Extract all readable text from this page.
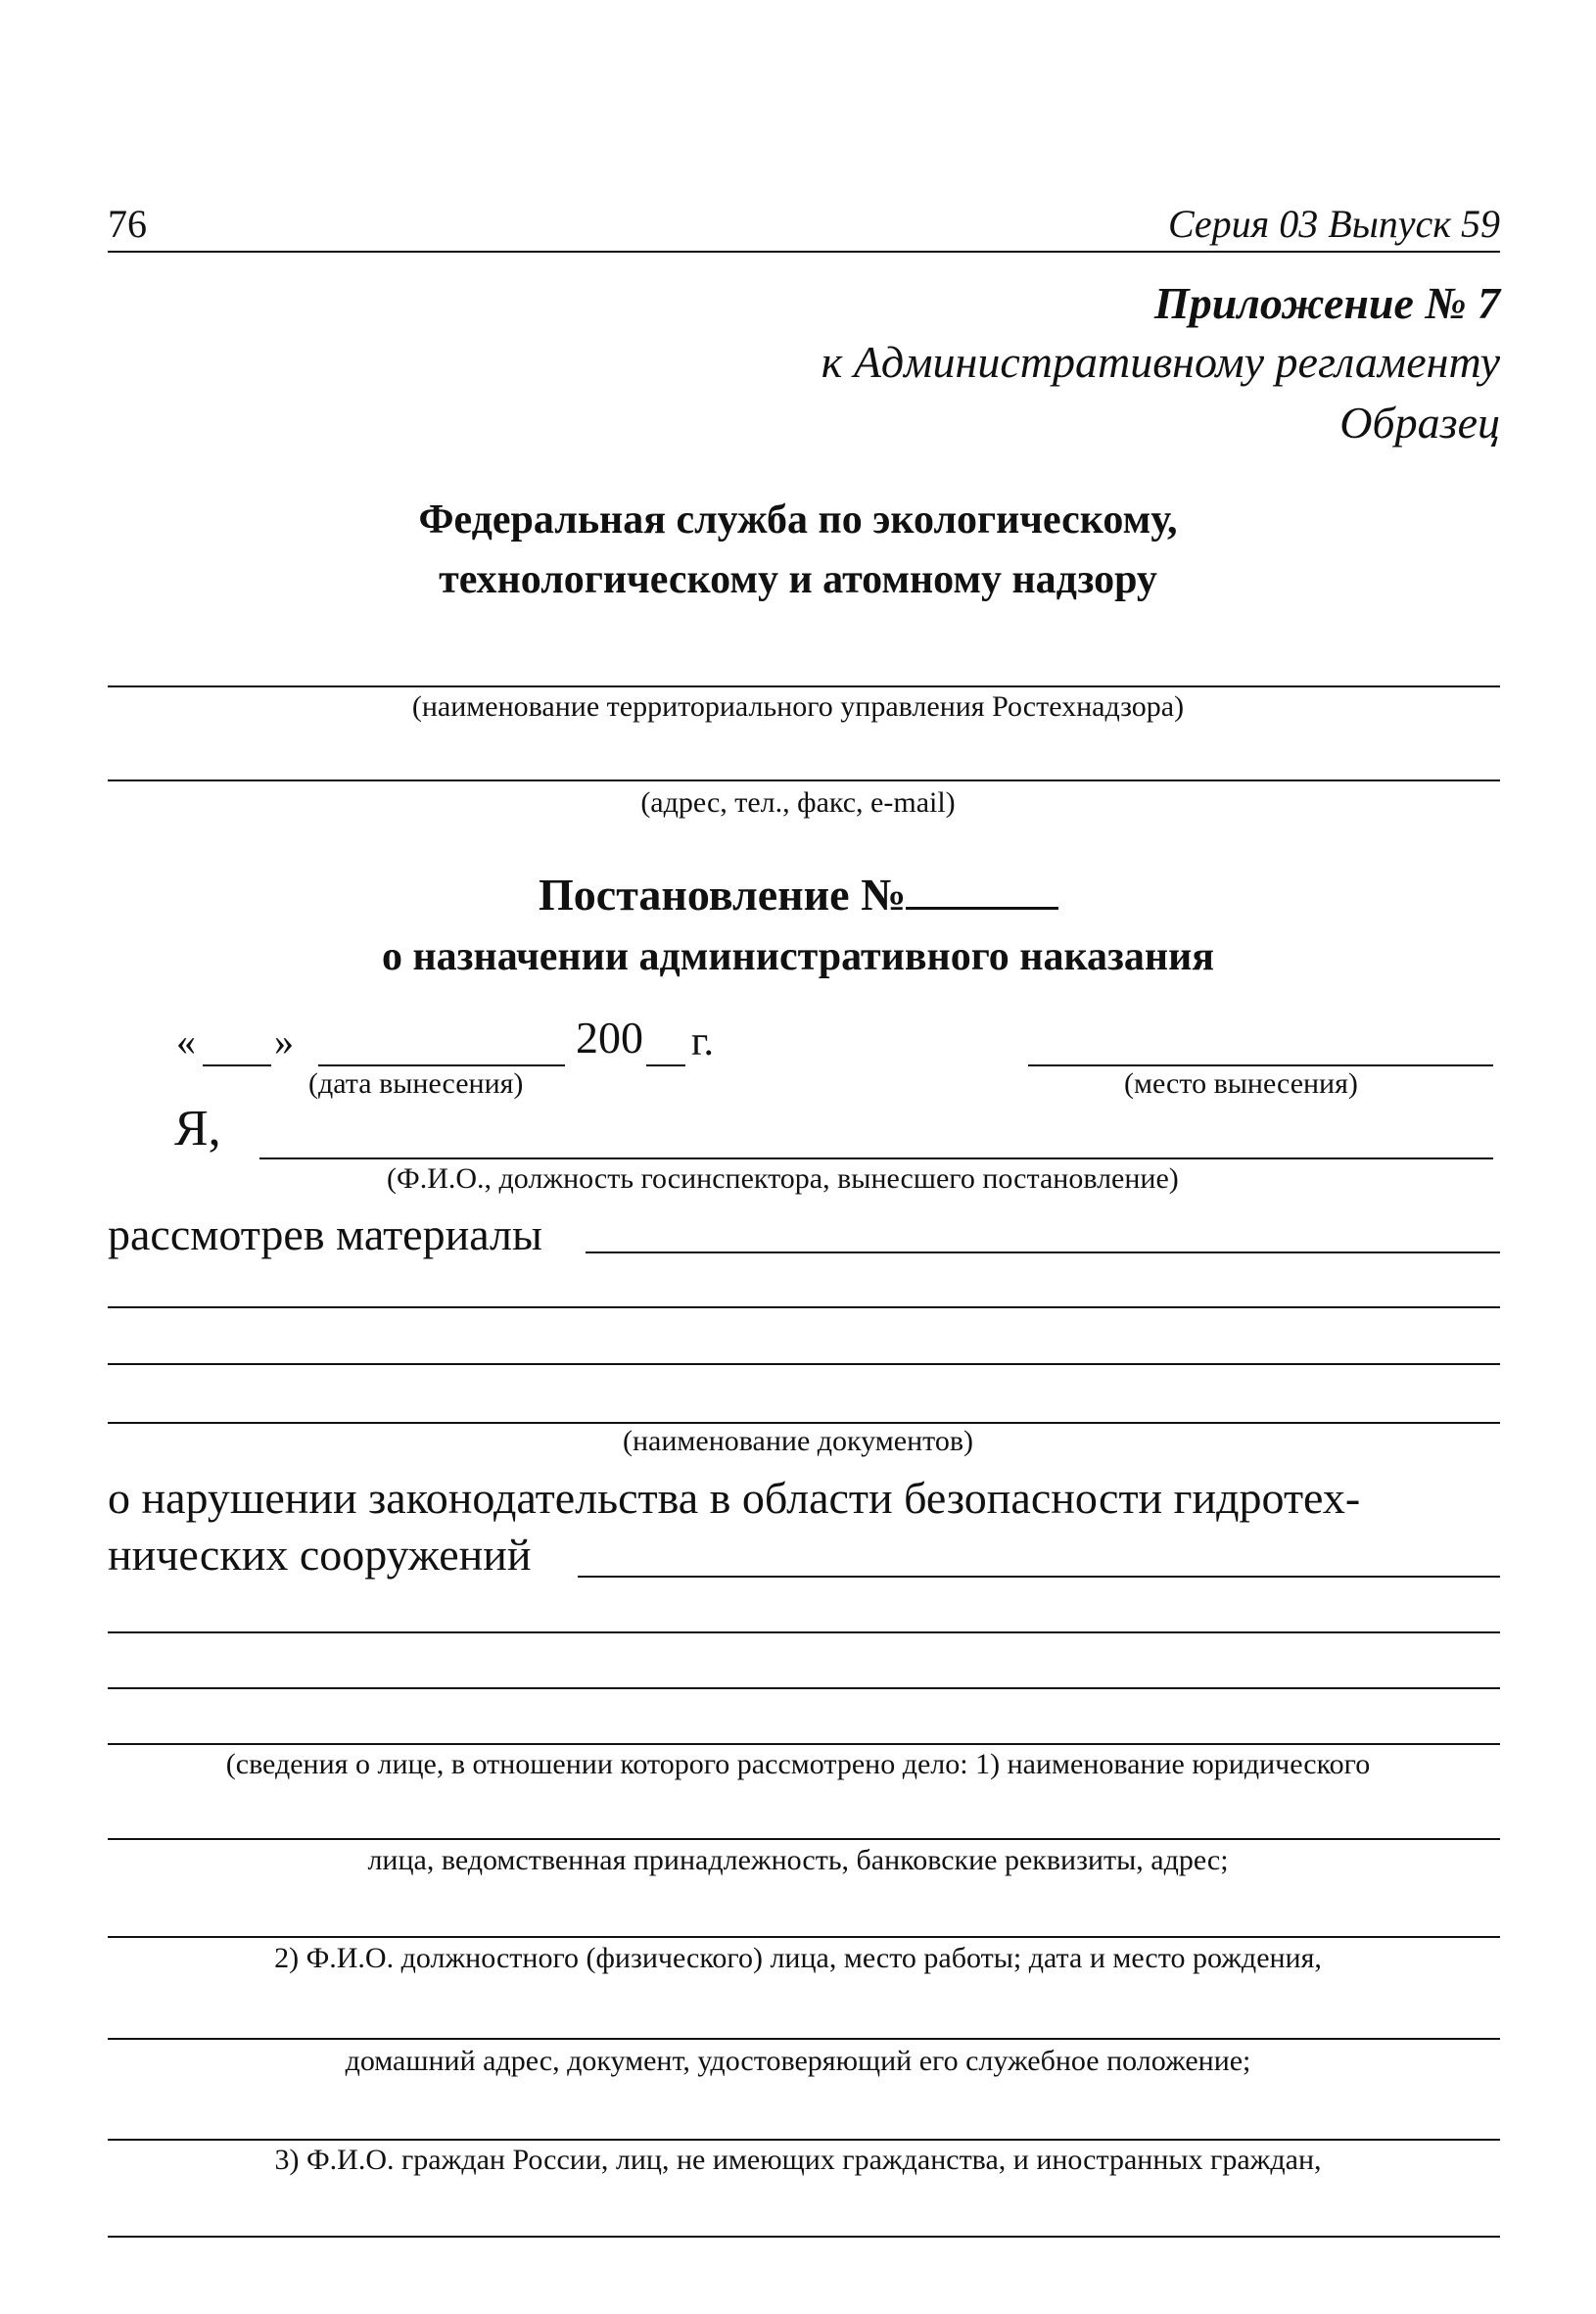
76	Серия 03 Выпуск 59
Приложение № 7
к Административному регламенту
Образец
Федеральная служба по экологическому,
технологическому и атомному надзору
(наименование территориального управления Ростехнадзора)
(адрес, тел., факс, e-mail)
Постановление №
о назначении административного наказания
« »	200 г.
(дата вынесения)	(место вынесения)
Я,
(Ф.И.О., должность госинспектора, вынесшего постановление)
рассмотрев материалы
(наименование документов)
о нарушении законодательства в области безопасности гидротех-
нических сооружений
(сведения о лице, в отношении которого рассмотрено дело: 1) наименование юридического
лица, ведомственная принадлежность, банковские реквизиты, адрес;
2) Ф.И.О. должностного (физического) лица, место работы; дата и место рождения,
домашний адрес, документ, удостоверяющий его служебное положение;
3) Ф.И.О. граждан России, лиц, не имеющих гражданства, и иностранных граждан,
